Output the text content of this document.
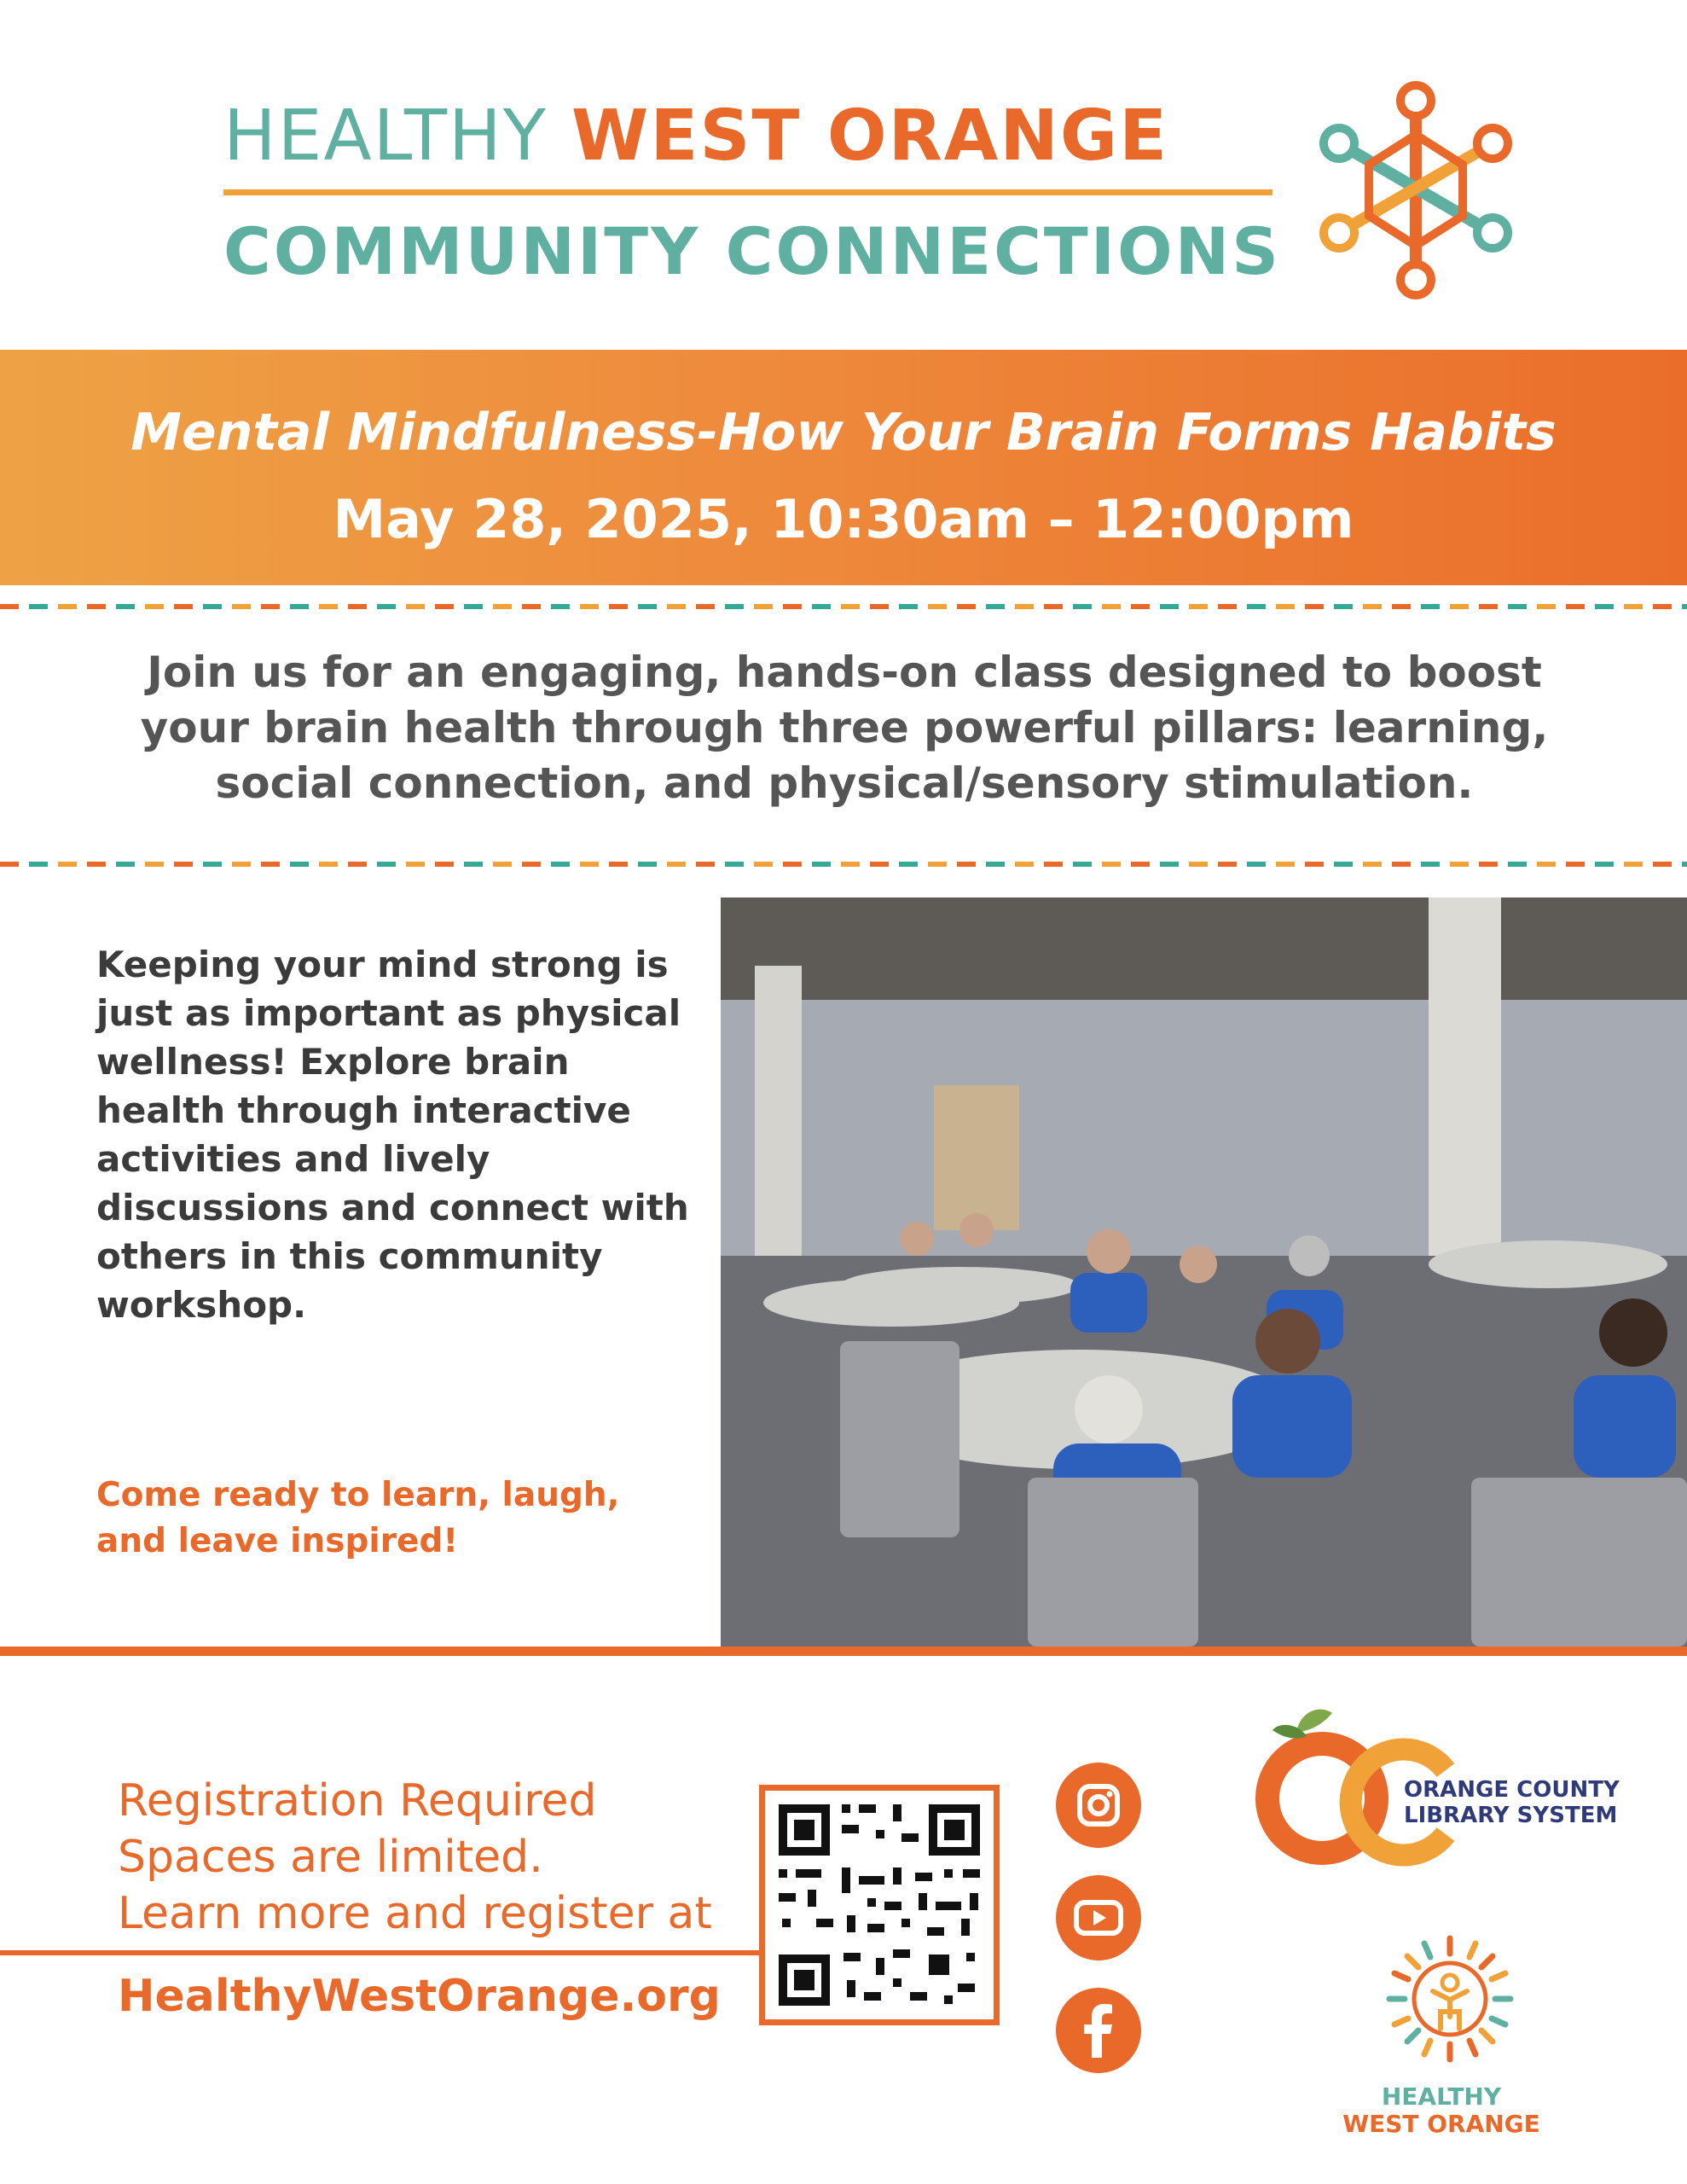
HEALTHY WEST ORANGE
COMMUNITY CONNECTIONS
Mental Mindfulness-How Your Brain Forms Habits
May 28, 2025, 10:30am – 12:00pm
Join us for an engaging, hands-on class designed to boost your brain health through three powerful pillars: learning, social connection, and physical/sensory stimulation.
Keeping your mind strong is just as important as physical wellness! Explore brain health through interactive activities and lively discussions and connect with others in this community workshop.
Come ready to learn, laugh,
and leave inspired!
Registration Required
Spaces are limited.
Learn more and register at
HealthyWestOrange.org
ORANGE COUNTY
LIBRARY SYSTEM
HEALTHY
WEST ORANGE
